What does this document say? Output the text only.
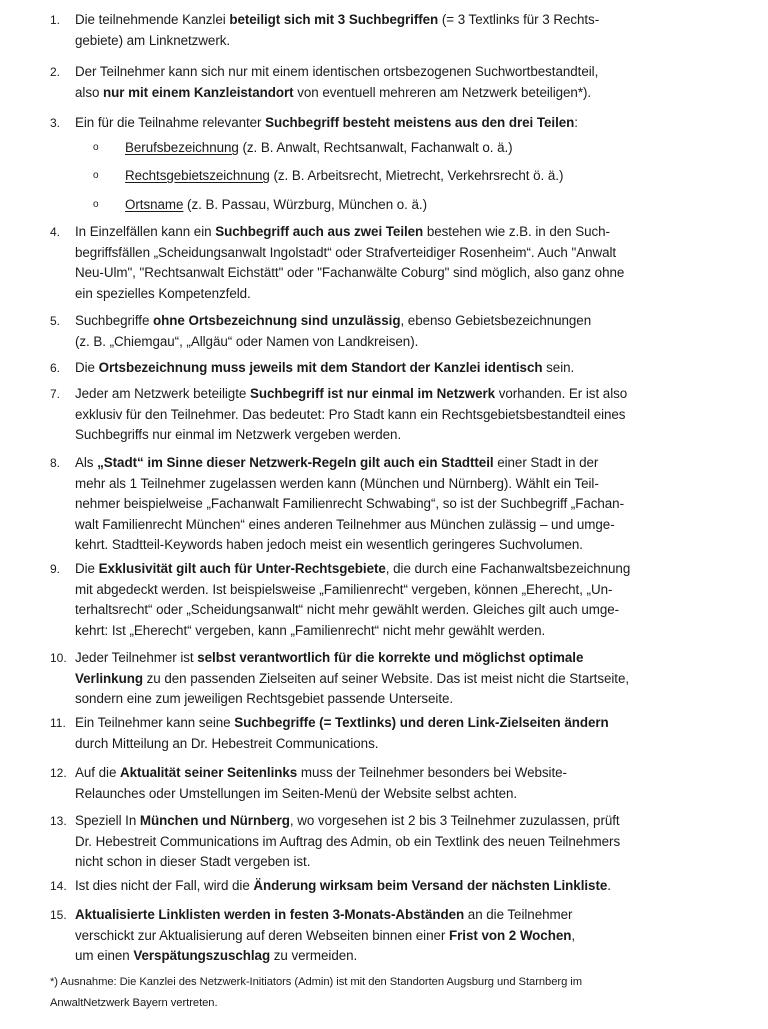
1.	Die teilnehmende Kanzlei beteiligt sich mit 3 Suchbegriffen (= 3 Textlinks für 3 Rechts-
gebiete) am Linknetzwerk.
2.	Der Teilnehmer kann sich nur mit einem identischen ortsbezogenen Suchwortbestandteil,
also nur mit einem Kanzleistandort von eventuell mehreren am Netzwerk beteiligen*).
3.	Ein für die Teilnahme relevanter Suchbegriff besteht meistens aus den drei Teilen:
4.	In Einzelfällen kann ein Suchbegriff auch aus zwei Teilen bestehen wie z.B. in den Such-
begriffsfällen „Scheidungsanwalt Ingolstadt“ oder Strafverteidiger Rosenheim“. Auch "Anwalt
Neu-Ulm", "Rechtsanwalt Eichstätt" oder "Fachanwälte Coburg" sind möglich, also ganz ohne
ein spezielles Kompetenzfeld.
5.	Suchbegriffe ohne Ortsbezeichnung sind unzulässig, ebenso Gebietsbezeichnungen
(z. B. „Chiemgau“, „Allgäu“ oder Namen von Landkreisen).
6.	Die Ortsbezeichnung muss jeweils mit dem Standort der Kanzlei identisch sein.
7.	Jeder am Netzwerk beteiligte Suchbegriff ist nur einmal im Netzwerk vorhanden. Er ist also
exklusiv für den Teilnehmer. Das bedeutet: Pro Stadt kann ein Rechtsgebietsbestandteil eines
Suchbegriffs nur einmal im Netzwerk vergeben werden.
8.	Als „Stadt“ im Sinne dieser Netzwerk-Regeln gilt auch ein Stadtteil einer Stadt in der
mehr als 1 Teilnehmer zugelassen werden kann (München und Nürnberg). Wählt ein Teil-
nehmer beispielweise „Fachanwalt Familienrecht Schwabing“, so ist der Suchbegriff „Fachan-
walt Familienrecht München“ eines anderen Teilnehmer aus München zulässig – und umge-
kehrt. Stadtteil-Keywords haben jedoch meist ein wesentlich geringeres Suchvolumen.
9.	Die Exklusivität gilt auch für Unter-Rechtsgebiete, die durch eine Fachanwaltsbezeichnung
mit abgedeckt werden. Ist beispielsweise „Familienrecht“ vergeben, können „Eherecht, „Un-
terhaltsrecht“ oder „Scheidungsanwalt“ nicht mehr gewählt werden. Gleiches gilt auch umge-
kehrt: Ist „Eherecht“ vergeben, kann „Familienrecht“ nicht mehr gewählt werden.
10. Jeder Teilnehmer ist selbst verantwortlich für die korrekte und möglichst optimale
Verlinkung zu den passenden Zielseiten auf seiner Website. Das ist meist nicht die Startseite,
sondern eine zum jeweiligen Rechtsgebiet passende Unterseite.
11. Ein Teilnehmer kann seine Suchbegriffe (= Textlinks) und deren Link-Zielseiten ändern
durch Mitteilung an Dr. Hebestreit Communications.
12. Auf die Aktualität seiner Seitenlinks muss der Teilnehmer besonders bei Website-
Relaunches oder Umstellungen im Seiten-Menü der Website selbst achten.
13. Speziell In München und Nürnberg, wo vorgesehen ist 2 bis 3 Teilnehmer zuzulassen, prüft
Dr. Hebestreit Communications im Auftrag des Admin, ob ein Textlink des neuen Teilnehmers
nicht schon in dieser Stadt vergeben ist.
14. Ist dies nicht der Fall, wird die Änderung wirksam beim Versand der nächsten Linkliste.
15. Aktualisierte Linklisten werden in festen 3-Monats-Abständen an die Teilnehmer
verschickt zur Aktualisierung auf deren Webseiten binnen einer Frist von 2 Wochen,
um einen Verspätungszuschlag zu vermeiden.
o Berufsbezeichnung (z. B. Anwalt, Rechtsanwalt, Fachanwalt o. ä.)
o Rechtsgebietszeichnung (z. B. Arbeitsrecht, Mietrecht, Verkehrsrecht ö. ä.)
o Ortsname (z. B. Passau, Würzburg, München o. ä.)
*) Ausnahme: Die Kanzlei des Netzwerk-Initiators (Admin) ist mit den Standorten Augsburg und Starnberg im
AnwaltNetzwerk Bayern vertreten.
